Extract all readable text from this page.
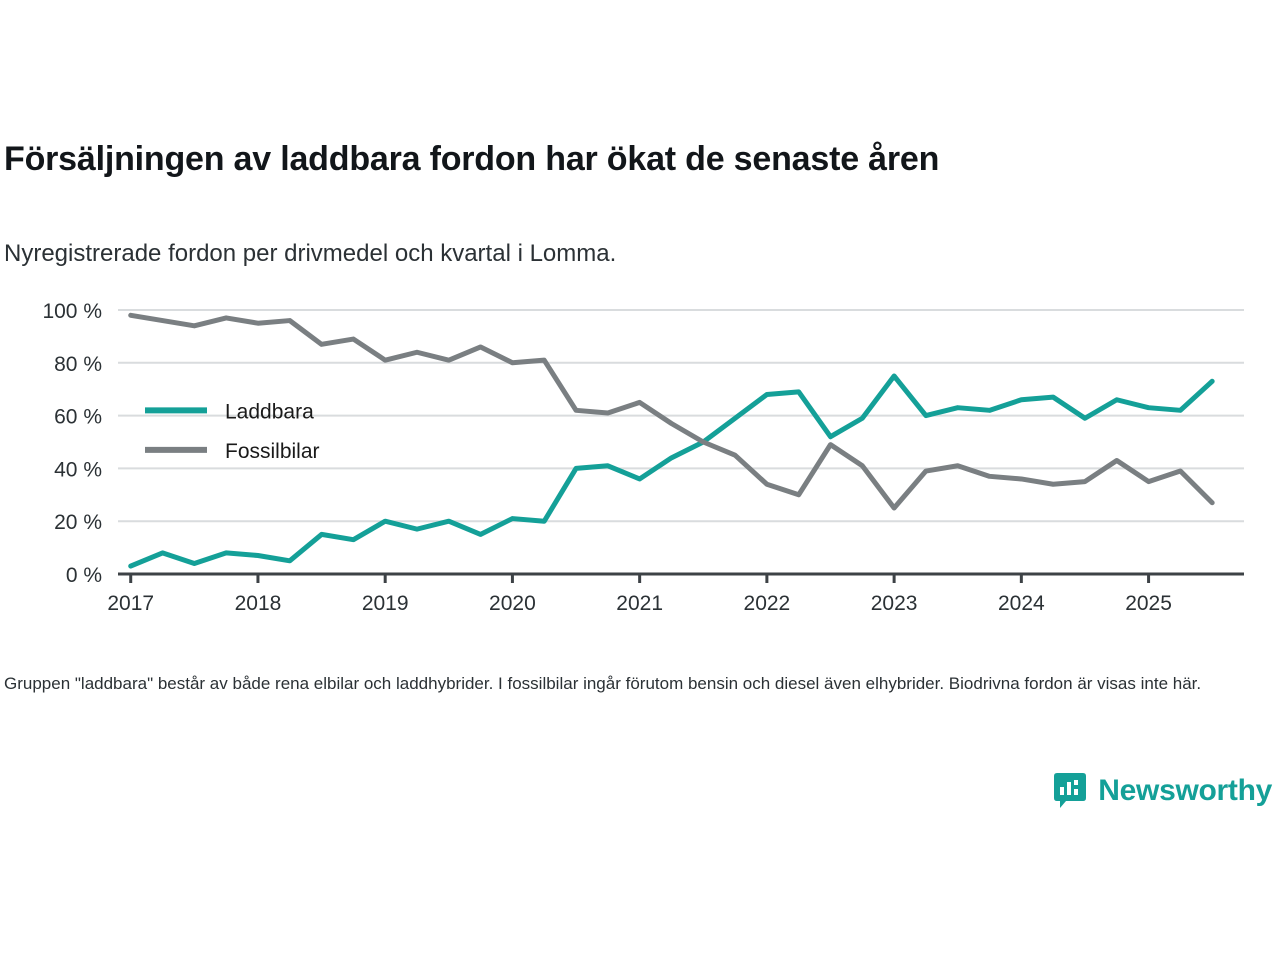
Försäljningen av laddbara fordon har ökat de senaste åren
Nyregistrerade fordon per drivmedel och kvartal i Lomma.
0 %
20 %
40 %
60 %
80 %
100 %
2017	2018	2019	2020	2021	2022	2023	2024	2025
Laddbara
Fossilbilar
Gruppen "laddbara" består av både rena elbilar och laddhybrider. I fossilbilar ingår förutom bensin och diesel även elhybrider. Biodrivna fordon är visas inte här.
Newsworthy
